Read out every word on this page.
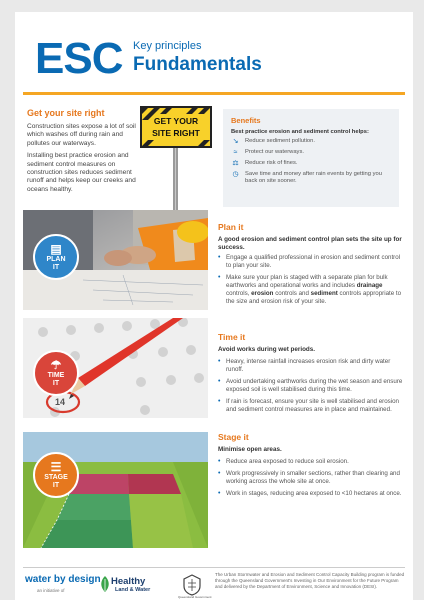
ESC Key principles
Fundamentals
Get your site right

Construction sites expose a lot of soil which washes off during rain and pollutes our waterways.

Installing best practice erosion and sediment control measures on construction sites reduces sediment runoff and helps keep our creeks and oceans healthy.

GET YOUR
SITE RIGHT
Benefits
Best practice erosion and sediment control helps:
↘ Reduce sediment pollution.
≈	Protect our waterways.
⚖ Reduce risk of fines.
◷ Save time and money after rain events by getting you back on site sooner.
▤
PLAN
IT
Plan it
A good erosion and sediment control plan sets the site up for success.
• Engage a qualified professional in erosion and sediment control to plan your site.
• Make sure your plan is staged with a separate plan for bulk earthworks and operational works and includes drainage controls, erosion controls and sediment controls appropriate to the size and erosion risk of your site.
14
☂
TIME
IT
Time it
Avoid works during wet periods.
• Heavy, intense rainfall increases erosion risk and dirty water runoff.
• Avoid undertaking earthworks during the wet season and ensure exposed soil is well stabilised during this time.
• If rain is forecast, ensure your site is well stabilised and erosion and sediment control measures are in place and maintained.
☰
STAGE
IT
Stage it
Minimise open areas.
• Reduce area exposed to reduce soil erosion.
• Work progressively in smaller sections, rather than clearing and working across the whole site at once.
• Work in stages, reducing area exposed to <10 hectares at once.
water by design
an initiative of
Healthy
Land & Water
Queensland Government
The Urban Stormwater and Erosion and Sediment Control Capacity Building program is funded through the Queensland Government's Investing in Our Environment for the Future Program and delivered by the Department of Environment, Science and Innovation (DESI).
